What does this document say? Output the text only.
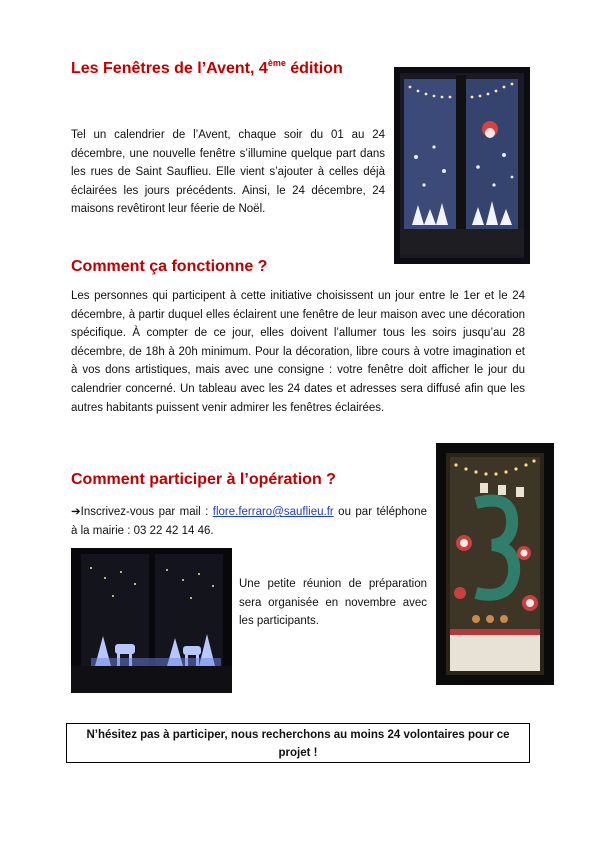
Les Fenêtres de l’Avent, 4ème édition

Tel un calendrier de l’Avent, chaque soir du 01 au 24 décembre, une nouvelle fenêtre s’illumine quelque part dans les rues de Saint Sauflieu. Elle vient s’ajouter à celles déjà éclairées les jours précédents. Ainsi, le 24 décembre, 24 maisons revêtiront leur féerie de Noël.

Comment ça fonctionne ?

Les personnes qui participent à cette initiative choisissent un jour entre le 1er et le 24 décembre, à partir duquel elles éclairent une fenêtre de leur maison avec une décoration spécifique. À compter de ce jour, elles doivent l’allumer tous les soirs jusqu’au 28 décembre, de 18h à 20h minimum. Pour la décoration, libre cours à votre imagination et à vos dons artistiques, mais avec une consigne : votre fenêtre doit afficher le jour du calendrier concerné. Un tableau avec les 24 dates et adresses sera diffusé afin que les autres habitants puissent venir admirer les fenêtres éclairées.

Comment participer à l’opération ?

➔Inscrivez-vous par mail : flore.ferraro@sauflieu.fr ou par téléphone à la mairie : 03 22 42 14 46.

Une petite réunion de préparation sera organisée en novembre avec les participants.

N’hésitez pas à participer, nous recherchons au moins 24 volontaires pour ce projet !
